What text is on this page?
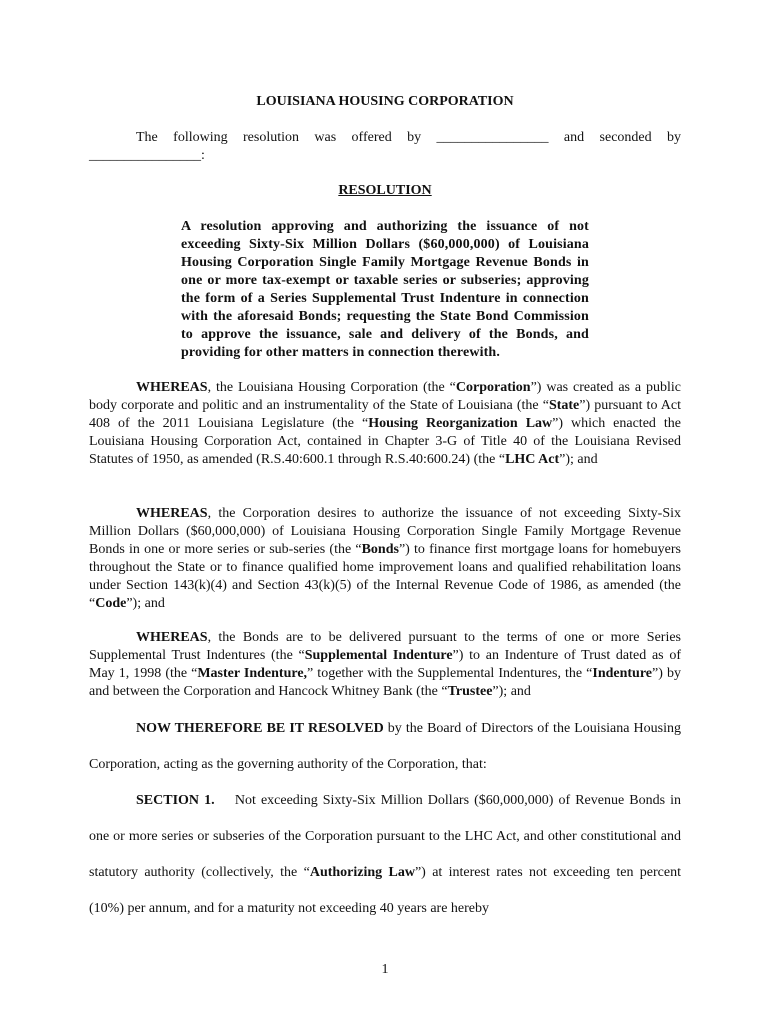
LOUISIANA HOUSING CORPORATION
The following resolution was offered by ________________ and seconded by ________________:
RESOLUTION
A resolution approving and authorizing the issuance of not exceeding Sixty-Six Million Dollars ($60,000,000) of Louisiana Housing Corporation Single Family Mortgage Revenue Bonds in one or more tax-exempt or taxable series or subseries; approving the form of a Series Supplemental Trust Indenture in connection with the aforesaid Bonds; requesting the State Bond Commission to approve the issuance, sale and delivery of the Bonds, and providing for other matters in connection therewith.
WHEREAS, the Louisiana Housing Corporation (the “Corporation”) was created as a public body corporate and politic and an instrumentality of the State of Louisiana (the “State”) pursuant to Act 408 of the 2011 Louisiana Legislature (the “Housing Reorganization Law”) which enacted the Louisiana Housing Corporation Act, contained in Chapter 3-G of Title 40 of the Louisiana Revised Statutes of 1950, as amended (R.S.40:600.1 through R.S.40:600.24) (the “LHC Act”); and
WHEREAS, the Corporation desires to authorize the issuance of not exceeding Sixty-Six Million Dollars ($60,000,000) of Louisiana Housing Corporation Single Family Mortgage Revenue Bonds in one or more series or sub-series (the “Bonds”) to finance first mortgage loans for homebuyers throughout the State or to finance qualified home improvement loans and qualified rehabilitation loans under Section 143(k)(4) and Section 43(k)(5) of the Internal Revenue Code of 1986, as amended (the “Code”); and
WHEREAS, the Bonds are to be delivered pursuant to the terms of one or more Series Supplemental Trust Indentures (the “Supplemental Indenture”) to an Indenture of Trust dated as of May 1, 1998 (the “Master Indenture,” together with the Supplemental Indentures, the “Indenture”) by and between the Corporation and Hancock Whitney Bank (the “Trustee”); and
NOW THEREFORE BE IT RESOLVED by the Board of Directors of the Louisiana Housing Corporation, acting as the governing authority of the Corporation, that:
SECTION 1. Not exceeding Sixty-Six Million Dollars ($60,000,000) of Revenue Bonds in one or more series or subseries of the Corporation pursuant to the LHC Act, and other constitutional and statutory authority (collectively, the “Authorizing Law”) at interest rates not exceeding ten percent (10%) per annum, and for a maturity not exceeding 40 years are hereby
1
